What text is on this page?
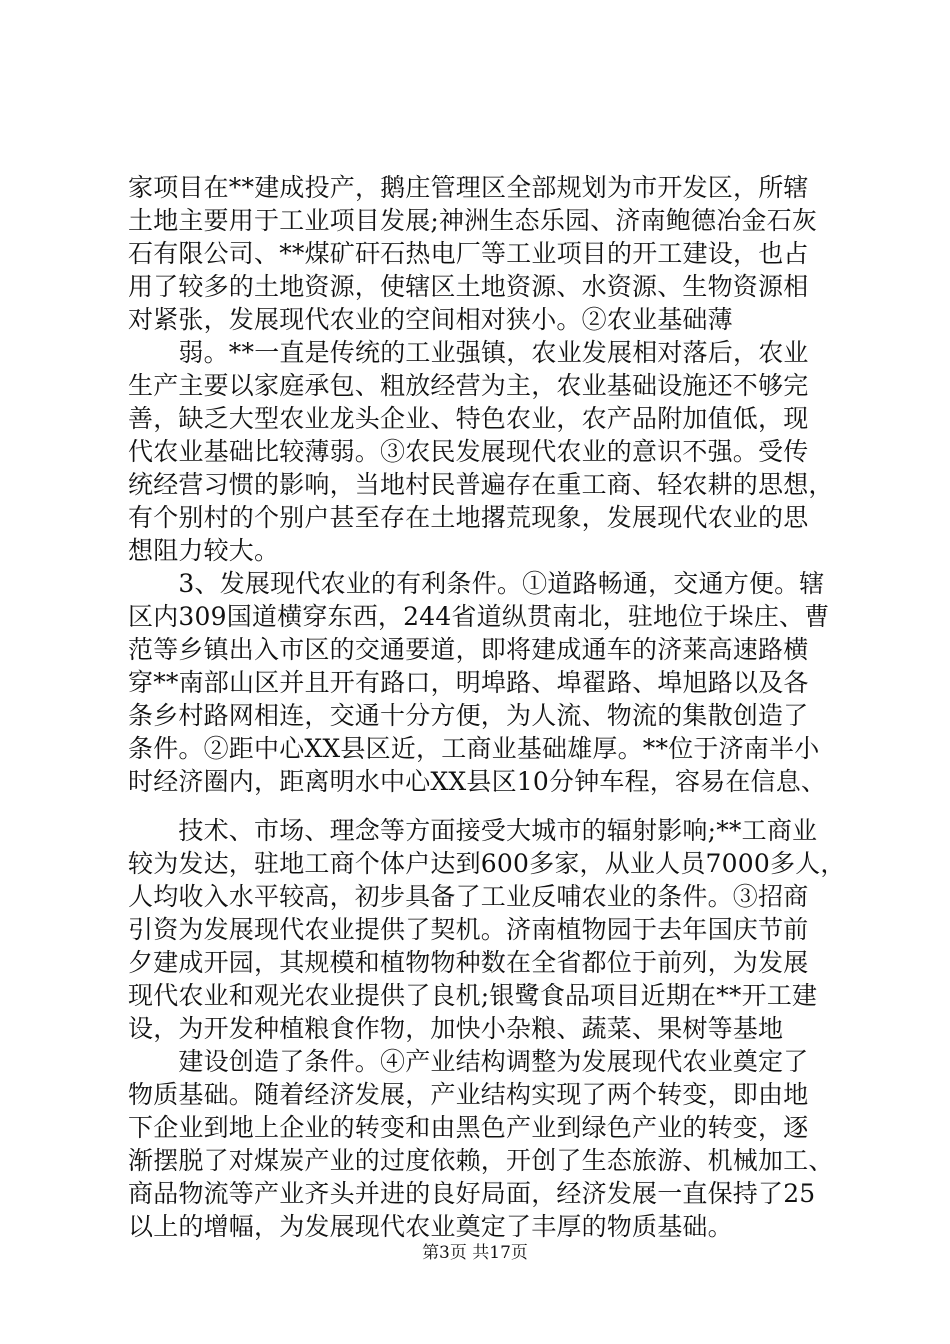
家项目在**建成投产，鹅庄管理区全部规划为市开发区，所辖
土地主要用于工业项目发展;神洲生态乐园、济南鲍德冶金石灰
石有限公司、**煤矿矸石热电厂等工业项目的开工建设，也占
用了较多的土地资源，使辖区土地资源、水资源、生物资源相
对紧张，发展现代农业的空间相对狭小。②农业基础薄
　　弱。**一直是传统的工业强镇，农业发展相对落后，农业
生产主要以家庭承包、粗放经营为主，农业基础设施还不够完
善，缺乏大型农业龙头企业、特色农业，农产品附加值低，现
代农业基础比较薄弱。③农民发展现代农业的意识不强。受传
统经营习惯的影响，当地村民普遍存在重工商、轻农耕的思想，
有个别村的个别户甚至存在土地撂荒现象，发展现代农业的思
想阻力较大。
　　3、发展现代农业的有利条件。①道路畅通，交通方便。辖
区内309国道横穿东西，244省道纵贯南北，驻地位于垛庄、曹
范等乡镇出入市区的交通要道，即将建成通车的济莱高速路横
穿**南部山区并且开有路口，明埠路、埠翟路、埠旭路以及各
条乡村路网相连，交通十分方便，为人流、物流的集散创造了
条件。②距中心XX县区近，工商业基础雄厚。**位于济南半小
时经济圈内，距离明水中心XX县区10分钟车程，容易在信息、
　　技术、市场、理念等方面接受大城市的辐射影响;**工商业
较为发达，驻地工商个体户达到600多家，从业人员7000多人，
人均收入水平较高，初步具备了工业反哺农业的条件。③招商
引资为发展现代农业提供了契机。济南植物园于去年国庆节前
夕建成开园，其规模和植物物种数在全省都位于前列，为发展
现代农业和观光农业提供了良机;银鹭食品项目近期在**开工建
设，为开发种植粮食作物，加快小杂粮、蔬菜、果树等基地
　　建设创造了条件。④产业结构调整为发展现代农业奠定了
物质基础。随着经济发展，产业结构实现了两个转变，即由地
下企业到地上企业的转变和由黑色产业到绿色产业的转变，逐
渐摆脱了对煤炭产业的过度依赖，开创了生态旅游、机械加工、
商品物流等产业齐头并进的良好局面，经济发展一直保持了25
以上的增幅，为发展现代农业奠定了丰厚的物质基础。
第3页 共17页
